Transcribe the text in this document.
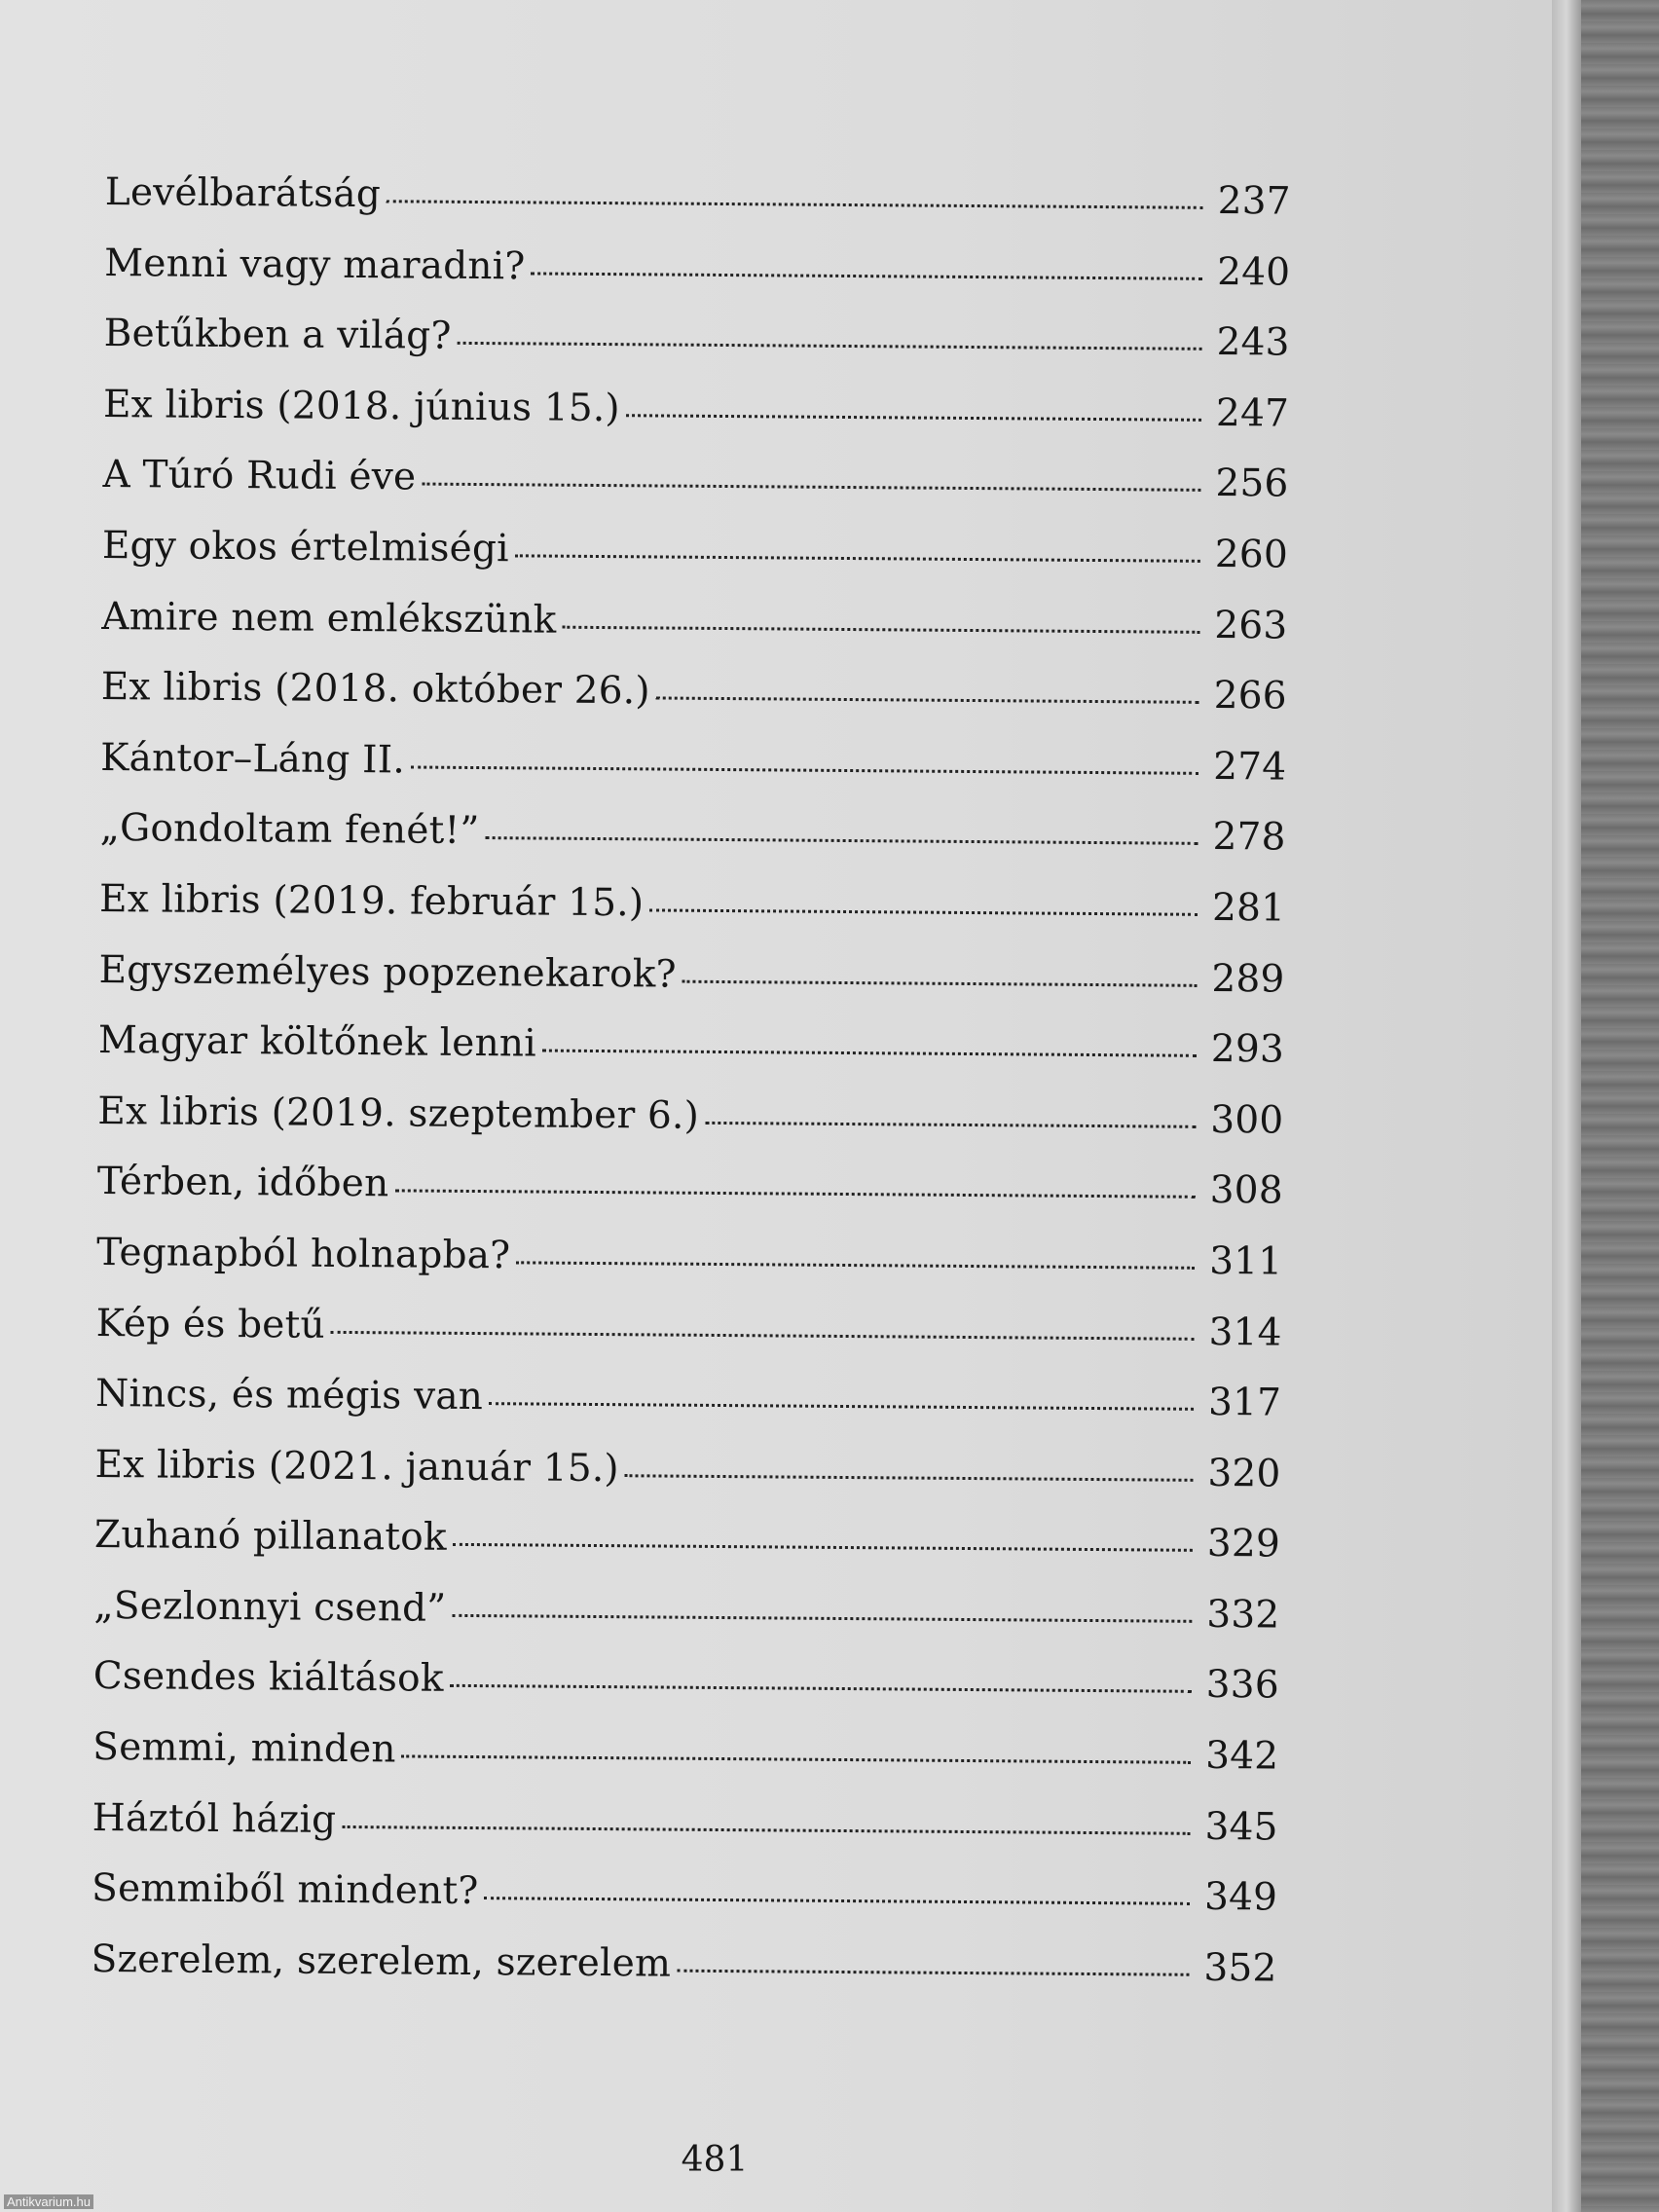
Levélbarátság	237
Menni vagy maradni?	240
Betűkben a világ?	243
Ex libris (2018. június 15.)	247
A Túró Rudi éve	256
Egy okos értelmiségi	260
Amire nem emlékszünk	263
Ex libris (2018. október 26.)	266
Kántor–Láng II.	274
„Gondoltam fenét!”	278
Ex libris (2019. február 15.)	281
Egyszemélyes popzenekarok?	289
Magyar költőnek lenni	293
Ex libris (2019. szeptember 6.)	300
Térben, időben	308
Tegnapból holnapba?	311
Kép és betű	314
Nincs, és mégis van	317
Ex libris (2021. január 15.)	320
Zuhanó pillanatok	329
„Sezlonnyi csend”	332
Csendes kiáltások	336
Semmi, minden	342
Háztól házig	345
Semmiből mindent?	349
Szerelem, szerelem, szerelem	352
481
Antikvarium.hu
